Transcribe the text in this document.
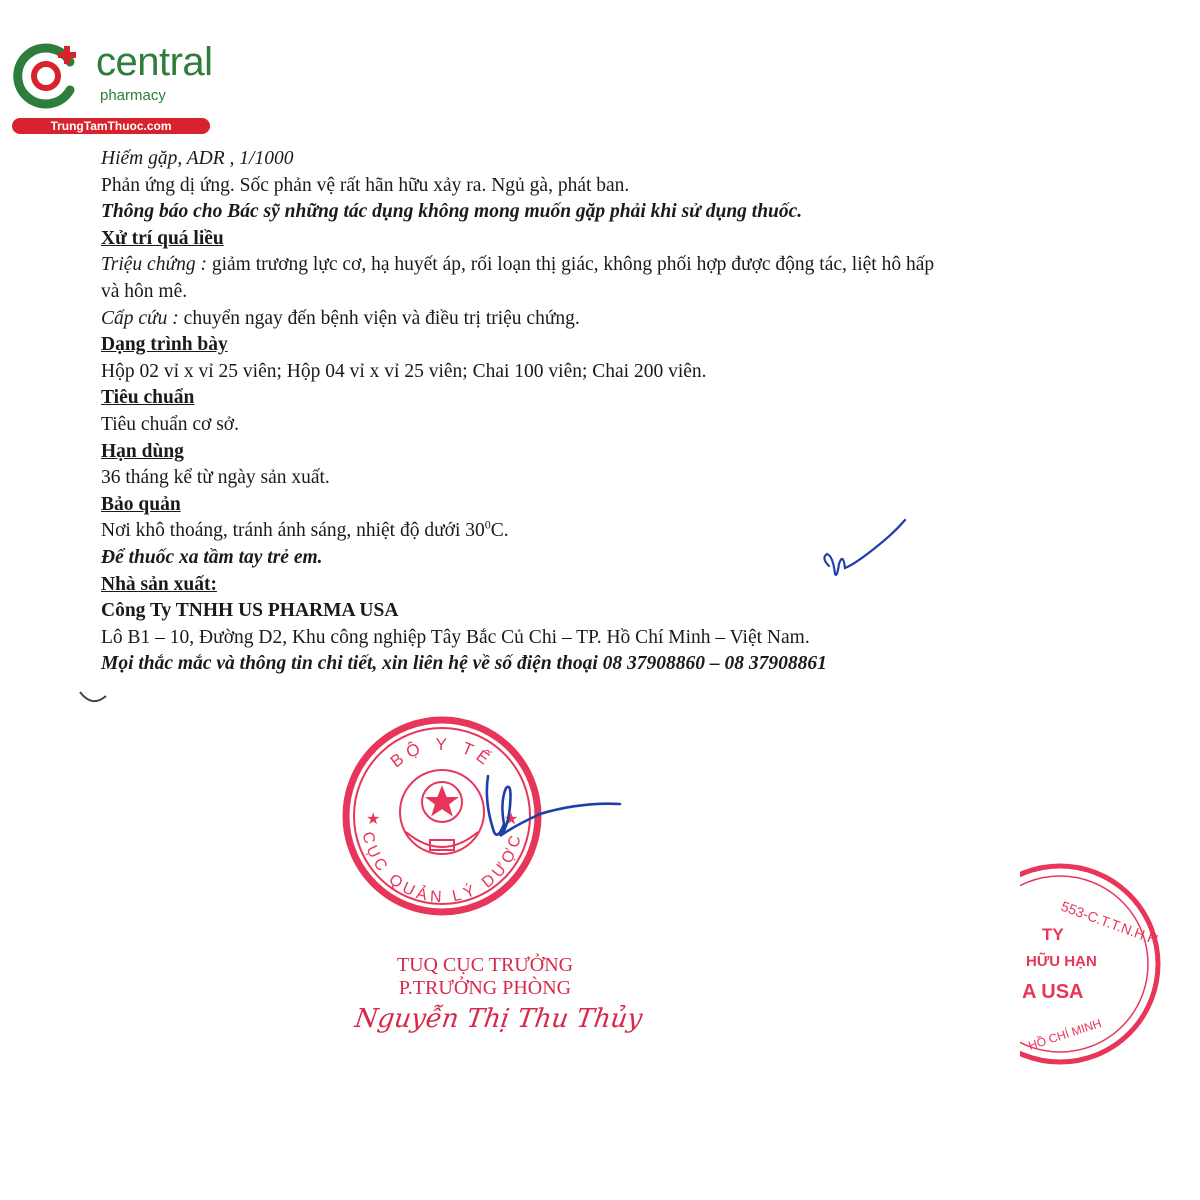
central
pharmacy
TrungTamThuoc.com
Hiếm gặp, ADR , 1/1000
Phản ứng dị ứng. Sốc phản vệ rất hãn hữu xảy ra. Ngủ gà, phát ban.
Thông báo cho Bác sỹ những tác dụng không mong muốn gặp phải khi sử dụng thuốc.
Xử trí quá liều
Triệu chứng : giảm trương lực cơ, hạ huyết áp, rối loạn thị giác, không phối hợp được động tác, liệt hô hấp
và hôn mê.
Cấp cứu : chuyển ngay đến bệnh viện và điều trị triệu chứng.
Dạng trình bày
Hộp 02 vỉ x vỉ 25 viên; Hộp 04 vỉ x vỉ 25 viên; Chai 100 viên; Chai 200 viên.
Tiêu chuẩn
Tiêu chuẩn cơ sở.
Hạn dùng
36 tháng kể từ ngày sản xuất.
Bảo quản
Nơi khô thoáng, tránh ánh sáng, nhiệt độ dưới $30^0C$.
Để thuốc xa tầm tay trẻ em.
Nhà sản xuất:
Công Ty TNHH US PHARMA USA
Lô B1 – 10, Đường D2, Khu công nghiệp Tây Bắc Củ Chi – TP. Hồ Chí Minh – Việt Nam.
Mọi thắc mắc và thông tin chi tiết, xin liên hệ về số điện thoại 08 37908860 – 08 37908861
BỘ Y TẾ
CỤC QUẢN LÝ DƯỢC
★	★
TUQ CỤC TRƯỞNG
P.TRƯỞNG PHÒNG
Nguyễn Thị Thu Thủy
553-C.T.T.N.H.H
TY
HỮU HẠN
A USA
HỒ CHÍ MINH
